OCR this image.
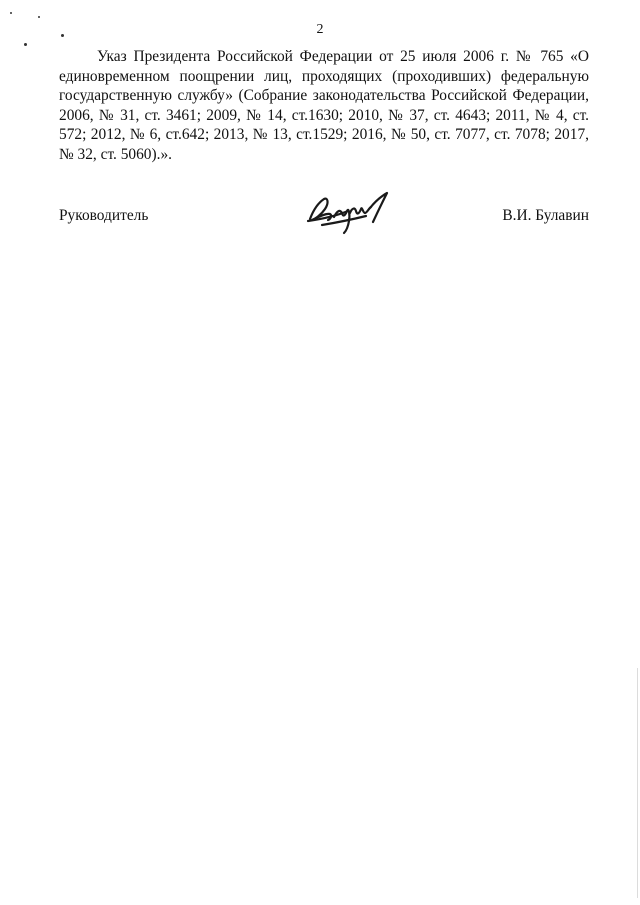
2

Указ Президента Российской Федерации от 25 июля 2006 г. № 765 «О единовременном поощрении лиц, проходящих (проходивших) федеральную государственную службу» (Собрание законодательства Российской Федерации, 2006, № 31, ст. 3461; 2009, № 14, ст.1630; 2010, № 37, ст. 4643; 2011, № 4, ст. 572; 2012, № 6, ст.642; 2013, № 13, ст.1529; 2016, № 50, ст. 7077, ст. 7078; 2017, № 32, ст. 5060).».

Руководитель	В.И. Булавин
